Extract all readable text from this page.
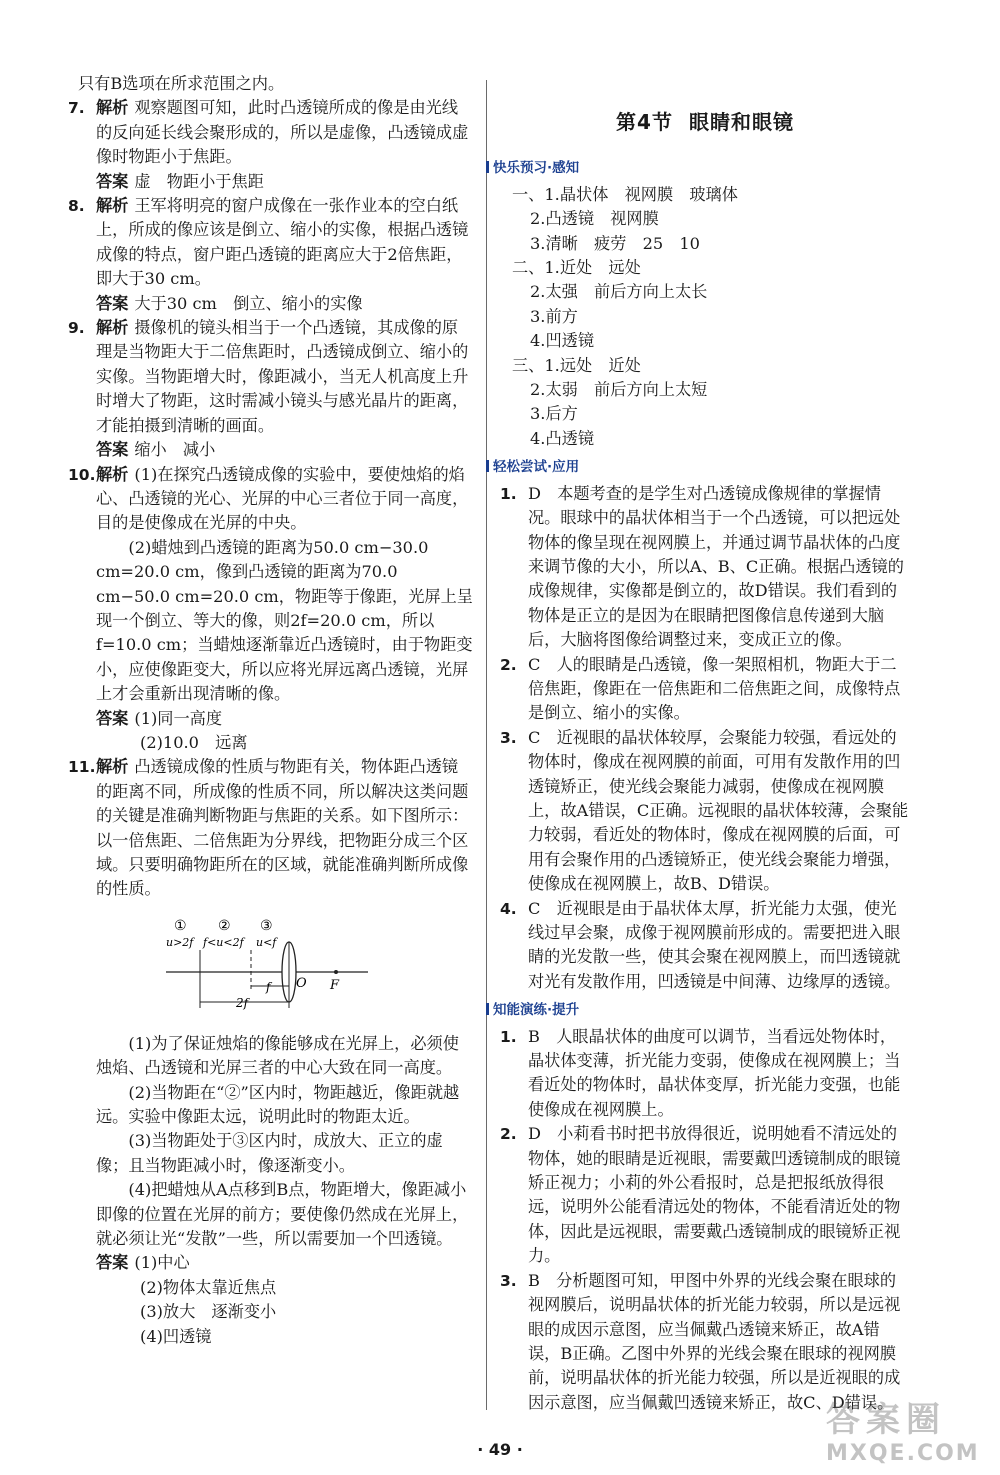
只有B选项在所求范围之内。

7. 解析 观察题图可知，此时凸透镜所成的像是由光线的反向延长线会聚形成的，所以是虚像，凸透镜成虚像时物距小于焦距。

答案 虚　物距小于焦距

8. 解析 王军将明亮的窗户成像在一张作业本的空白纸上，所成的像应该是倒立、缩小的实像，根据凸透镜成像的特点，窗户距凸透镜的距离应大于2倍焦距，即大于30 cm。

答案 大于30 cm　倒立、缩小的实像

9. 解析 摄像机的镜头相当于一个凸透镜，其成像的原理是当物距大于二倍焦距时，凸透镜成倒立、缩小的实像。当物距增大时，像距减小，当无人机高度上升时增大了物距，这时需减小镜头与感光晶片的距离，才能拍摄到清晰的画面。

答案 缩小　减小

10. 解析 (1)在探究凸透镜成像的实验中，要使烛焰的焰心、凸透镜的光心、光屏的中心三者位于同一高度，目的是使像成在光屏的中央。

(2)蜡烛到凸透镜的距离为50.0 cm−30.0 cm=20.0 cm，像到凸透镜的距离为70.0 cm−50.0 cm=20.0 cm，物距等于像距，光屏上呈现一个倒立、等大的像，则2f=20.0 cm，所以f=10.0 cm；当蜡烛逐渐靠近凸透镜时，由于物距变小，应使像距变大，所以应将光屏远离凸透镜，光屏上才会重新出现清晰的像。

答案 (1)同一高度

(2)10.0　远离

11. 解析 凸透镜成像的性质与物距有关，物体距凸透镜的距离不同，所成像的性质不同，所以解决这类问题的关键是准确判断物距与焦距的关系。如下图所示：以一倍焦距、二倍焦距为分界线，把物距分成三个区域。只要明确物距所在的区域，就能准确判断所成像的性质。

① ② ③
u>2f f<u<2f u<f
f
2f
O F

(1)为了保证烛焰的像能够成在光屏上，必须使烛焰、凸透镜和光屏三者的中心大致在同一高度。

(2)当物距在“②”区内时，物距越近，像距就越远。实验中像距太远，说明此时的物距太近。

(3)当物距处于③区内时，成放大、正立的虚像；且当物距减小时，像逐渐变小。

(4)把蜡烛从A点移到B点，物距增大，像距减小即像的位置在光屏的前方；要使像仍然成在光屏上，就必须让光“发散”一些，所以需要加一个凹透镜。

答案 (1)中心

(2)物体太靠近焦点

(3)放大　逐渐变小

(4)凹透镜

第4节 眼睛和眼镜
快乐预习·感知

一、1.晶状体　视网膜　玻璃体

2.凸透镜　视网膜

3.清晰　疲劳　25　10

二、1.近处　远处

2.太强　前后方向上太长

3.前方

4.凹透镜

三、1.远处　近处

2.太弱　前后方向上太短

3.后方

4.凸透镜

轻松尝试·应用
1. D　本题考查的是学生对凸透镜成像规律的掌握情况。眼球中的晶状体相当于一个凸透镜，可以把远处物体的像呈现在视网膜上，并通过调节晶状体的凸度来调节像的大小，所以A、B、C正确。根据凸透镜的成像规律，实像都是倒立的，故D错误。我们看到的物体是正立的是因为在眼睛把图像信息传递到大脑后，大脑将图像给调整过来，变成正立的像。

2. C　人的眼睛是凸透镜，像一架照相机，物距大于二倍焦距，像距在一倍焦距和二倍焦距之间，成像特点是倒立、缩小的实像。

3. C　近视眼的晶状体较厚，会聚能力较强，看远处的物体时，像成在视网膜的前面，可用有发散作用的凹透镜矫正，使光线会聚能力减弱，使像成在视网膜上，故A错误，C正确。远视眼的晶状体较薄，会聚能力较弱，看近处的物体时，像成在视网膜的后面，可用有会聚作用的凸透镜矫正，使光线会聚能力增强，使像成在视网膜上，故B、D错误。

4. C　近视眼是由于晶状体太厚，折光能力太强，使光线过早会聚，成像于视网膜前形成的。需要把进入眼睛的光发散一些，使其会聚在视网膜上，而凹透镜就对光有发散作用，凹透镜是中间薄、边缘厚的透镜。

知能演练·提升
1. B　人眼晶状体的曲度可以调节，当看远处物体时，晶状体变薄，折光能力变弱，使像成在视网膜上；当看近处的物体时，晶状体变厚，折光能力变强，也能使像成在视网膜上。

2. D　小莉看书时把书放得很近，说明她看不清远处的物体，她的眼睛是近视眼，需要戴凹透镜制成的眼镜矫正视力；小莉的外公看报时，总是把报纸放得很远，说明外公能看清远处的物体，不能看清近处的物体，因此是远视眼，需要戴凸透镜制成的眼镜矫正视力。

3. B　分析题图可知，甲图中外界的光线会聚在眼球的视网膜后，说明晶状体的折光能力较弱，所以是远视眼的成因示意图，应当佩戴凸透镜来矫正，故A错误，B正确。乙图中外界的光线会聚在眼球的视网膜前，说明晶状体的折光能力较强，所以是近视眼的成因示意图，应当佩戴凹透镜来矫正，故C、D错误。

· 49 ·
答案圈
MXQE.COM
